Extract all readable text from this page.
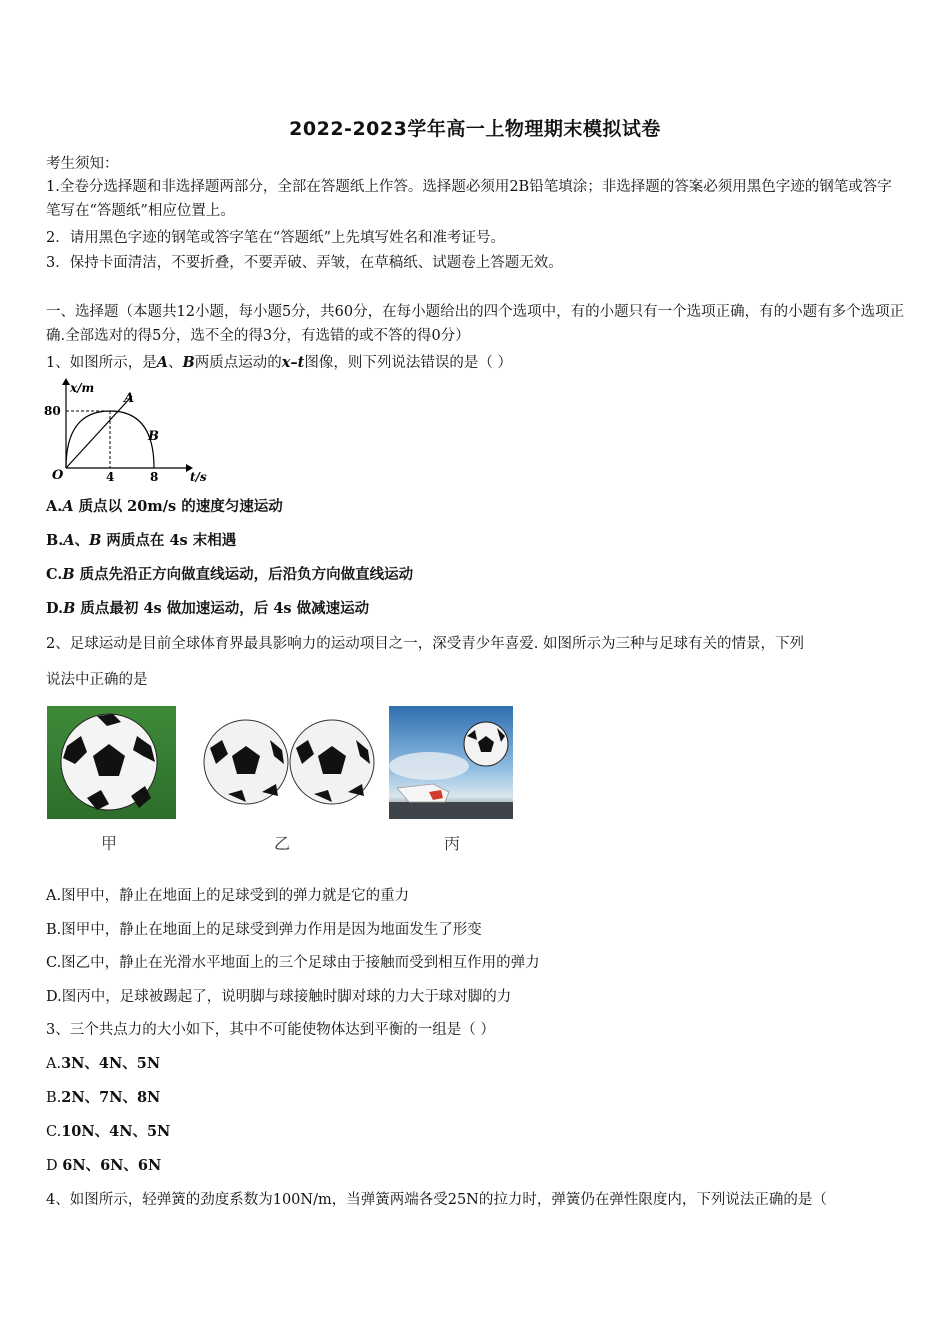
2022-2023学年高一上物理期末模拟试卷
考生须知：
1.全卷分选择题和非选择题两部分，全部在答题纸上作答。选择题必须用2B铅笔填涂；非选择题的答案必须用黑色字迹的钢笔或答字笔写在“答题纸”相应位置上。
2．请用黑色字迹的钢笔或答字笔在“答题纸”上先填写姓名和准考证号。
3．保持卡面清洁，不要折叠，不要弄破、弄皱，在草稿纸、试题卷上答题无效。
一、选择题（本题共12小题，每小题5分，共60分，在每小题给出的四个选项中，有的小题只有一个选项正确，有的小题有多个选项正确.全部选对的得5分，选不全的得3分，有选错的或不答的得0分）
1、如图所示，是A、B两质点运动的x–t图像，则下列说法错误的是（ ）
x/m
t/s
O
80
4	8
A
B
A.A 质点以 20m/s 的速度匀速运动
B.A、B 两质点在 4s 末相遇
C.B 质点先沿正方向做直线运动，后沿负方向做直线运动
D.B 质点最初 4s 做加速运动，后 4s 做减速运动
2、足球运动是目前全球体育界最具影响力的运动项目之一，深受青少年喜爱. 如图所示为三种与足球有关的情景，下列
说法中正确的是
甲	乙	丙
A.图甲中，静止在地面上的足球受到的弹力就是它的重力
B.图甲中，静止在地面上的足球受到弹力作用是因为地面发生了形变
C.图乙中，静止在光滑水平地面上的三个足球由于接触而受到相互作用的弹力
D.图丙中，足球被踢起了，说明脚与球接触时脚对球的力大于球对脚的力
3、三个共点力的大小如下，其中不可能使物体达到平衡的一组是（ ）
A.3N、4N、5N
B.2N、7N、8N
C.10N、4N、5N
D 6N、6N、6N
4、如图所示，轻弹簧的劲度系数为100N/m，当弹簧两端各受25N的拉力时，弹簧仍在弹性限度内，下列说法正确的是（
